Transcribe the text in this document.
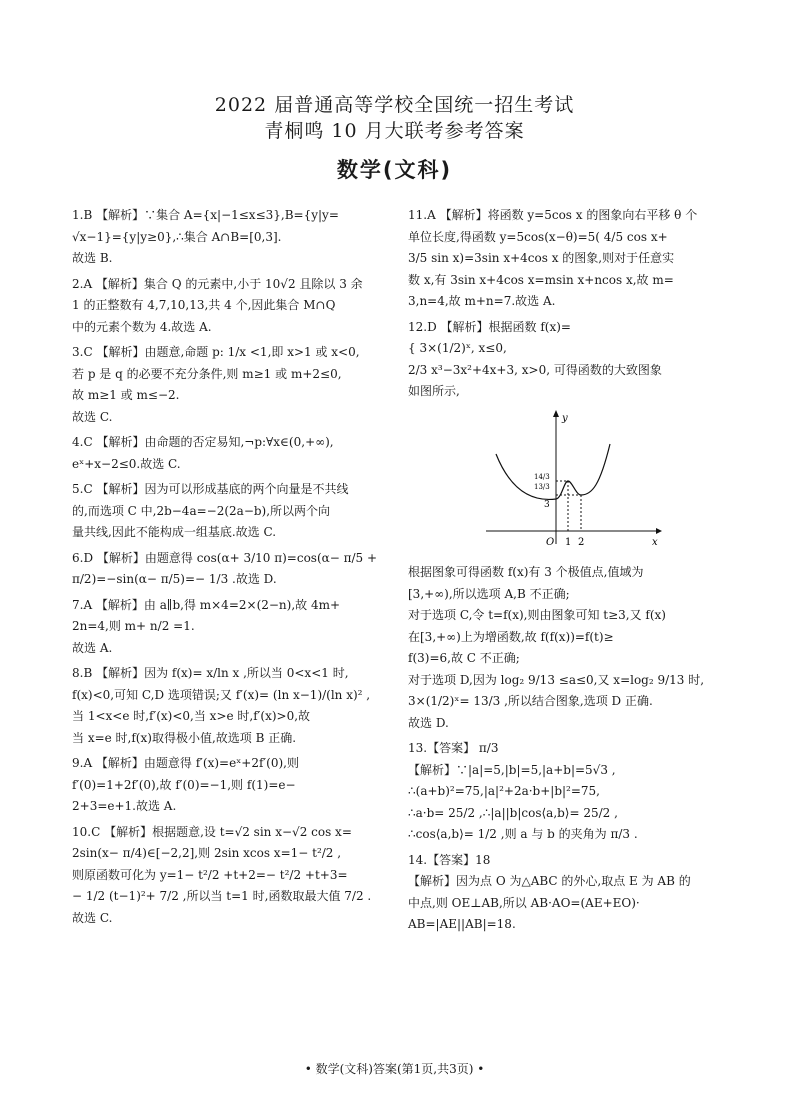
2022 届普通高等学校全国统一招生考试
青桐鸣 10 月大联考参考答案
数学(文科)

1.B 【解析】∵集合 A={x|−1≤x≤3},B={y|y=

√x−1}={y|y≥0},∴集合 A∩B=[0,3].

故选 B.

2.A 【解析】集合 Q 的元素中,小于 10√2 且除以 3 余

1 的正整数有 4,7,10,13,共 4 个,因此集合 M∩Q

中的元素个数为 4.故选 A.

3.C 【解析】由题意,命题 p: 1/x <1,即 x>1 或 x<0,

若 p 是 q 的必要不充分条件,则 m≥1 或 m+2≤0,

故 m≥1 或 m≤−2.

故选 C.

4.C 【解析】由命题的否定易知,¬p:∀x∈(0,+∞),

eˣ+x−2≤0.故选 C.

5.C 【解析】因为可以形成基底的两个向量是不共线

的,而选项 C 中,2b−4a=−2(2a−b),所以两个向

量共线,因此不能构成一组基底.故选 C.

6.D 【解析】由题意得 cos(α+ 3/10 π)=cos(α− π/5 +

π/2)=−sin(α− π/5)=− 1/3 .故选 D.

7.A 【解析】由 a∥b,得 m×4=2×(2−n),故 4m+

2n=4,则 m+ n/2 =1.

故选 A.

8.B 【解析】因为 f(x)= x/ln x ,所以当 0<x<1 时,

f(x)<0,可知 C,D 选项错误;又 f′(x)= (ln x−1)/(ln x)² ,

当 1<x<e 时,f′(x)<0,当 x>e 时,f′(x)>0,故

当 x=e 时,f(x)取得极小值,故选项 B 正确.

9.A 【解析】由题意得 f′(x)=eˣ+2f′(0),则

f′(0)=1+2f′(0),故 f′(0)=−1,则 f(1)=e−

2+3=e+1.故选 A.

10.C 【解析】根据题意,设 t=√2 sin x−√2 cos x=

2sin(x− π/4)∈[−2,2],则 2sin xcos x=1− t²/2 ,

则原函数可化为 y=1− t²/2 +t+2=− t²/2 +t+3=

− 1/2 (t−1)²+ 7/2 ,所以当 t=1 时,函数取最大值 7/2 .

故选 C.

11.A 【解析】将函数 y=5cos x 的图象向右平移 θ 个

单位长度,得函数 y=5cos(x−θ)=5( 4/5 cos x+

3/5 sin x)=3sin x+4cos x 的图象,则对于任意实

数 x,有 3sin x+4cos x=msin x+ncos x,故 m=

3,n=4,故 m+n=7.故选 A.

12.D 【解析】根据函数 f(x)=

{ 3×(1/2)ˣ, x≤0,

2/3 x³−3x²+4x+3, x>0, 可得函数的大致图象

如图所示,

y
x
O 1 2
14/3
13/3
3

根据图象可得函数 f(x)有 3 个极值点,值域为

[3,+∞),所以选项 A,B 不正确;

对于选项 C,令 t=f(x),则由图象可知 t≥3,又 f(x)

在[3,+∞)上为增函数,故 f(f(x))=f(t)≥

f(3)=6,故 C 不正确;

对于选项 D,因为 log₂ 9/13 ≤a≤0,又 x=log₂ 9/13 时,

3×(1/2)ˣ= 13/3 ,所以结合图象,选项 D 正确.

故选 D.

13.【答案】 π/3

【解析】∵|a|=5,|b|=5,|a+b|=5√3 ,

∴(a+b)²=75,|a|²+2a·b+|b|²=75,

∴a·b= 25/2 ,∴|a||b|cos⟨a,b⟩= 25/2 ,

∴cos⟨a,b⟩= 1/2 ,则 a 与 b 的夹角为 π/3 .

14.【答案】18

【解析】因为点 O 为△ABC 的外心,取点 E 为 AB 的

中点,则 OE⊥AB,所以 AB·AO=(AE+EO)·

AB=|AE||AB|=18.

• 数学(文科)答案(第1页,共3页) •
